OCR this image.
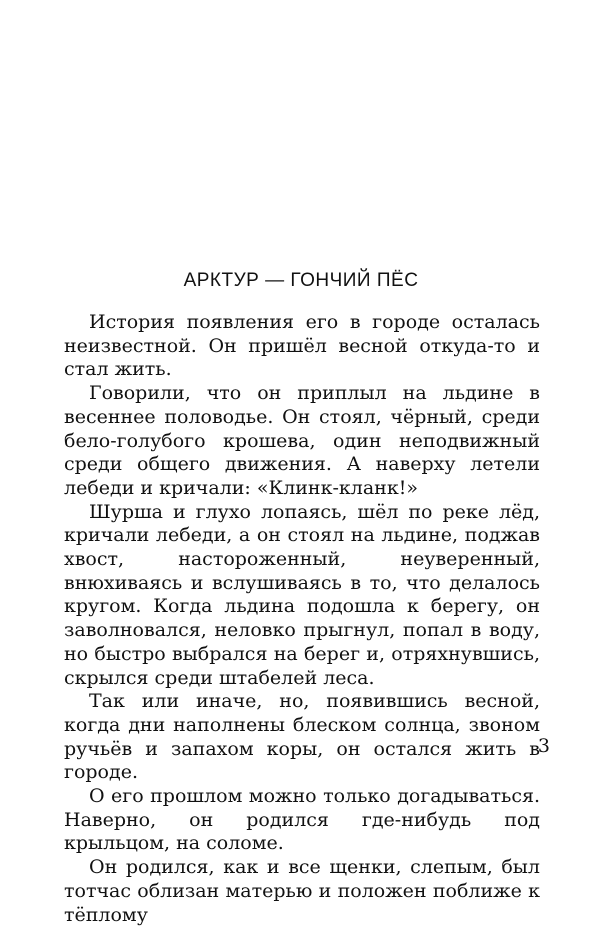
АРКТУР — ГОНЧИЙ ПЁС

История появления его в городе осталась неизвестной. Он пришёл весной откуда-то и стал жить.

Говорили, что он приплыл на льдине в весеннее половодье. Он стоял, чёрный, среди бело-голубого крошева, один неподвижный среди общего движения. А наверху летели лебеди и кричали: «Клинк-кланк!»

Шурша и глухо лопаясь, шёл по реке лёд, кричали лебеди, а он стоял на льдине, поджав хвост, настороженный, неуверенный, внюхиваясь и вслушиваясь в то, что делалось кругом. Когда льдина подошла к берегу, он заволновался, неловко прыгнул, попал в воду, но быстро выбрался на берег и, отряхнувшись, скрылся среди штабелей леса.

Так или иначе, но, появившись весной, когда дни наполнены блеском солнца, звоном ручьёв и запахом коры, он остался жить в городе.

О его прошлом можно только догадываться. Наверно, он родился где-нибудь под крыльцом, на соломе.

Он родился, как и все щенки, слепым, был тотчас облизан матерью и положен поближе к тёплому

3
